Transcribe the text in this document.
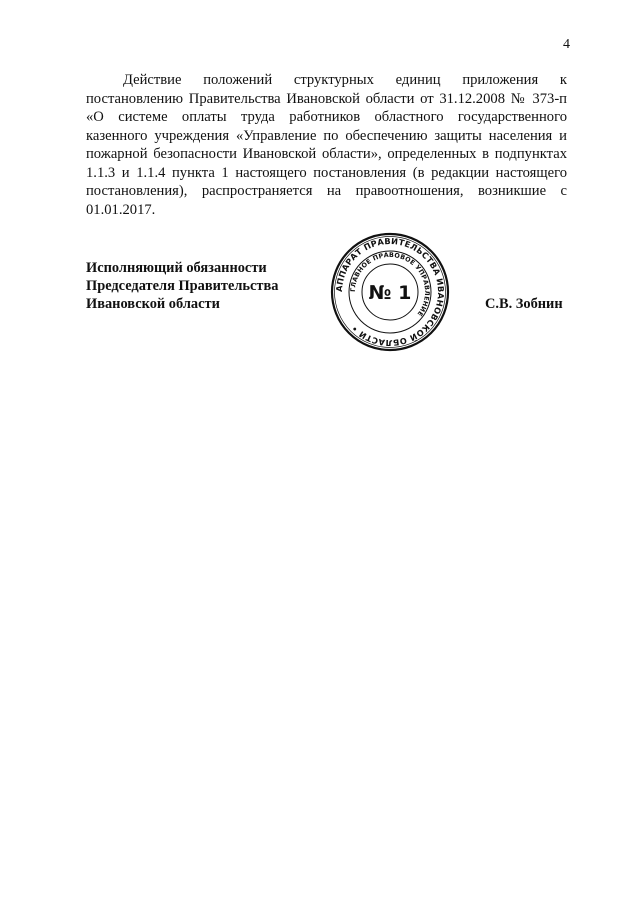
4

Действие положений структурных единиц приложения к постановлению Правительства Ивановской области от 31.12.2008 № 373-п «О системе оплаты труда работников областного государственного казенного учреждения «Управление по обеспечению защиты населения и пожарной безопасности Ивановской области», определенных в подпунктах 1.1.3 и 1.1.4 пункта 1 настоящего постановления (в редакции настоящего постановления), распространяется на правоотношения, возникшие с 01.01.2017.

Исполняющий обязанности
Председателя Правительства
Ивановской области
АППАРАТ ПРАВИТЕЛЬСТВА ИВАНОВСКОЙ ОБЛАСТИ •
ГЛАВНОЕ ПРАВОВОЕ УПРАВЛЕНИЕ
№ 1	С.В. Зобнин
